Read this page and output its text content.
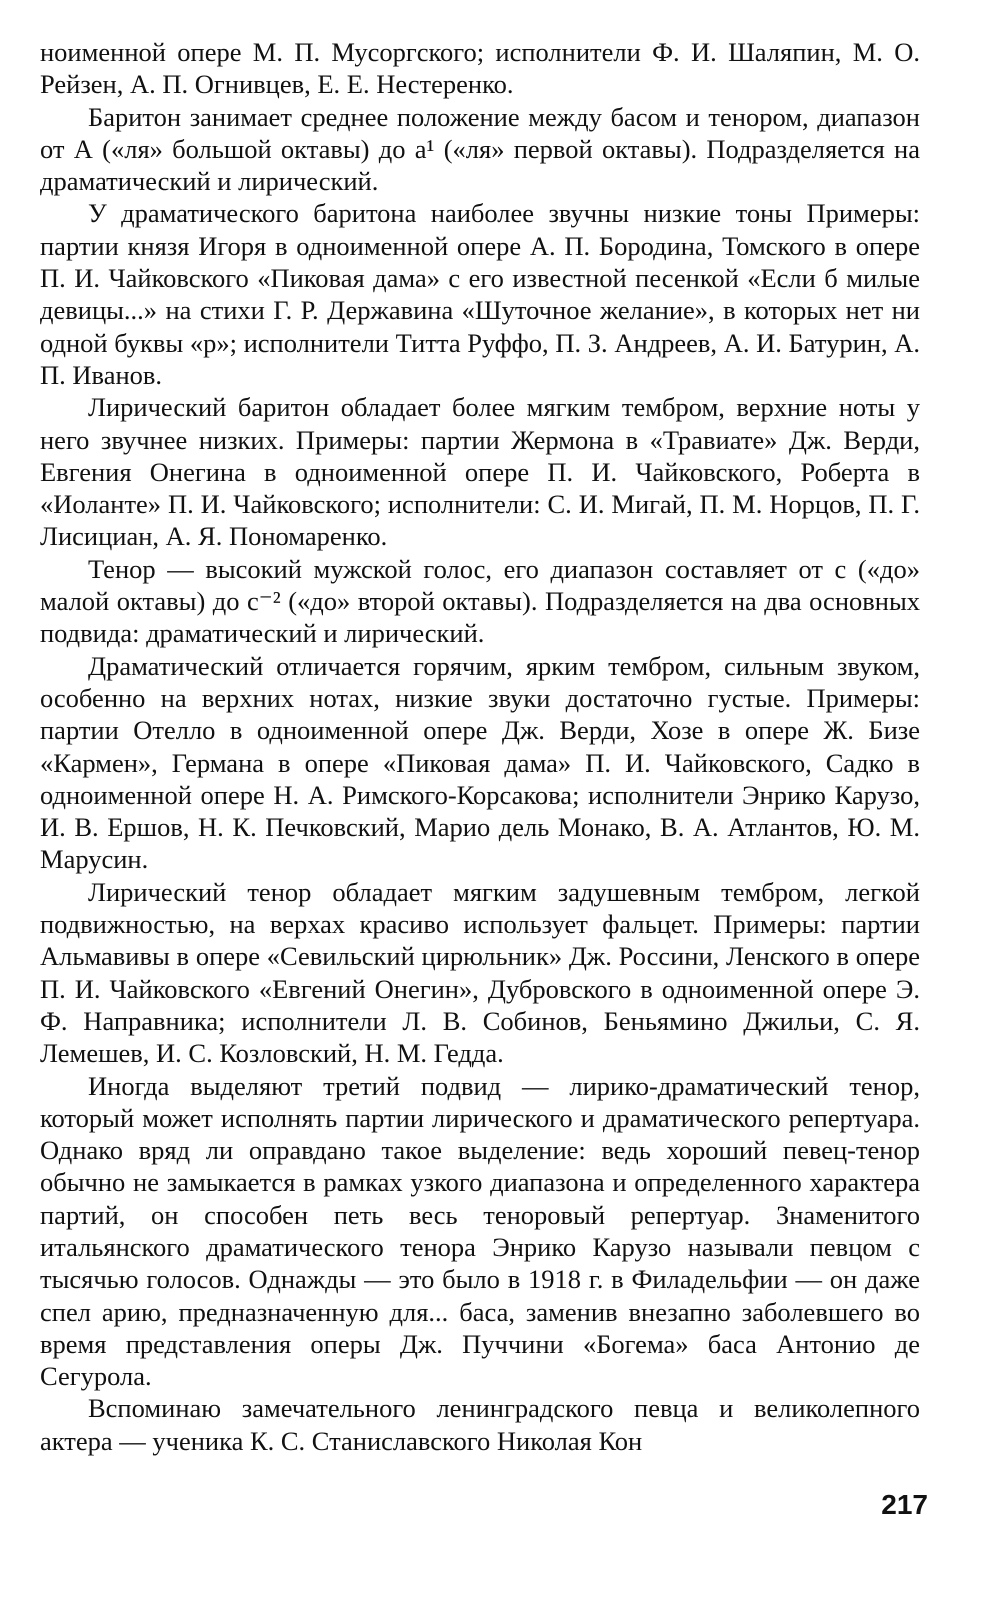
ноименной опере М. П. Мусоргского; исполнители Ф. И. Шаляпин, М. О. Рейзен, А. П. Огнивцев, Е. Е. Нестеренко.

Баритон занимает среднее положение между басом и тенором, диапазон от А («ля» большой октавы) до а¹ («ля» первой октавы). Подразделяется на драматический и лирический.

У драматического баритона наиболее звучны низкие тоны Примеры: партии князя Игоря в одноименной опере А. П. Бородина, Томского в опере П. И. Чайковского «Пиковая дама» с его известной песенкой «Если б милые девицы...» на стихи Г. Р. Державина «Шуточное желание», в которых нет ни одной буквы «р»; исполнители Титта Руффо, П. З. Андреев, А. И. Батурин, А. П. Иванов.

Лирический баритон обладает более мягким тембром, верхние ноты у него звучнее низких. Примеры: партии Жермона в «Травиате» Дж. Верди, Евгения Онегина в одноименной опере П. И. Чайковского, Роберта в «Иоланте» П. И. Чайковского; исполнители: С. И. Мигай, П. М. Норцов, П. Г. Лисициан, А. Я. Пономаренко.

Тенор — высокий мужской голос, его диапазон составляет от с («до» малой октавы) до с⁻² («до» второй октавы). Подразделяется на два основных подвида: драматический и лирический.

Драматический отличается горячим, ярким тембром, сильным звуком, особенно на верхних нотах, низкие звуки достаточно густые. Примеры: партии Отелло в одноименной опере Дж. Верди, Хозе в опере Ж. Бизе «Кармен», Германа в опере «Пиковая дама» П. И. Чайковского, Садко в одноименной опере Н. А. Римского-Корсакова; исполнители Энрико Карузо, И. В. Ершов, Н. К. Печковский, Марио дель Монако, В. А. Атлантов, Ю. М. Марусин.

Лирический тенор обладает мягким задушевным тембром, легкой подвижностью, на верхах красиво использует фальцет. Примеры: партии Альмавивы в опере «Севильский цирюльник» Дж. Россини, Ленского в опере П. И. Чайковского «Евгений Онегин», Дубровского в одноименной опере Э. Ф. Направника; исполнители Л. В. Собинов, Беньямино Джильи, С. Я. Лемешев, И. С. Козловский, Н. М. Гедда.

Иногда выделяют третий подвид — лирико-драматический тенор, который может исполнять партии лирического и драматического репертуара. Однако вряд ли оправдано такое выделение: ведь хороший певец-тенор обычно не замыкается в рамках узкого диапазона и определенного характера партий, он способен петь весь теноровый репертуар. Знаменитого итальянского драматического тенора Энрико Карузо называли певцом с тысячью голосов. Однажды — это было в 1918 г. в Филадельфии — он даже спел арию, предназначенную для... баса, заменив внезапно заболевшего во время представления оперы Дж. Пуччини «Богема» баса Антонио де Сегурола.

Вспоминаю замечательного ленинградского певца и великолепного актера — ученика К. С. Станиславского Николая Кон

217
